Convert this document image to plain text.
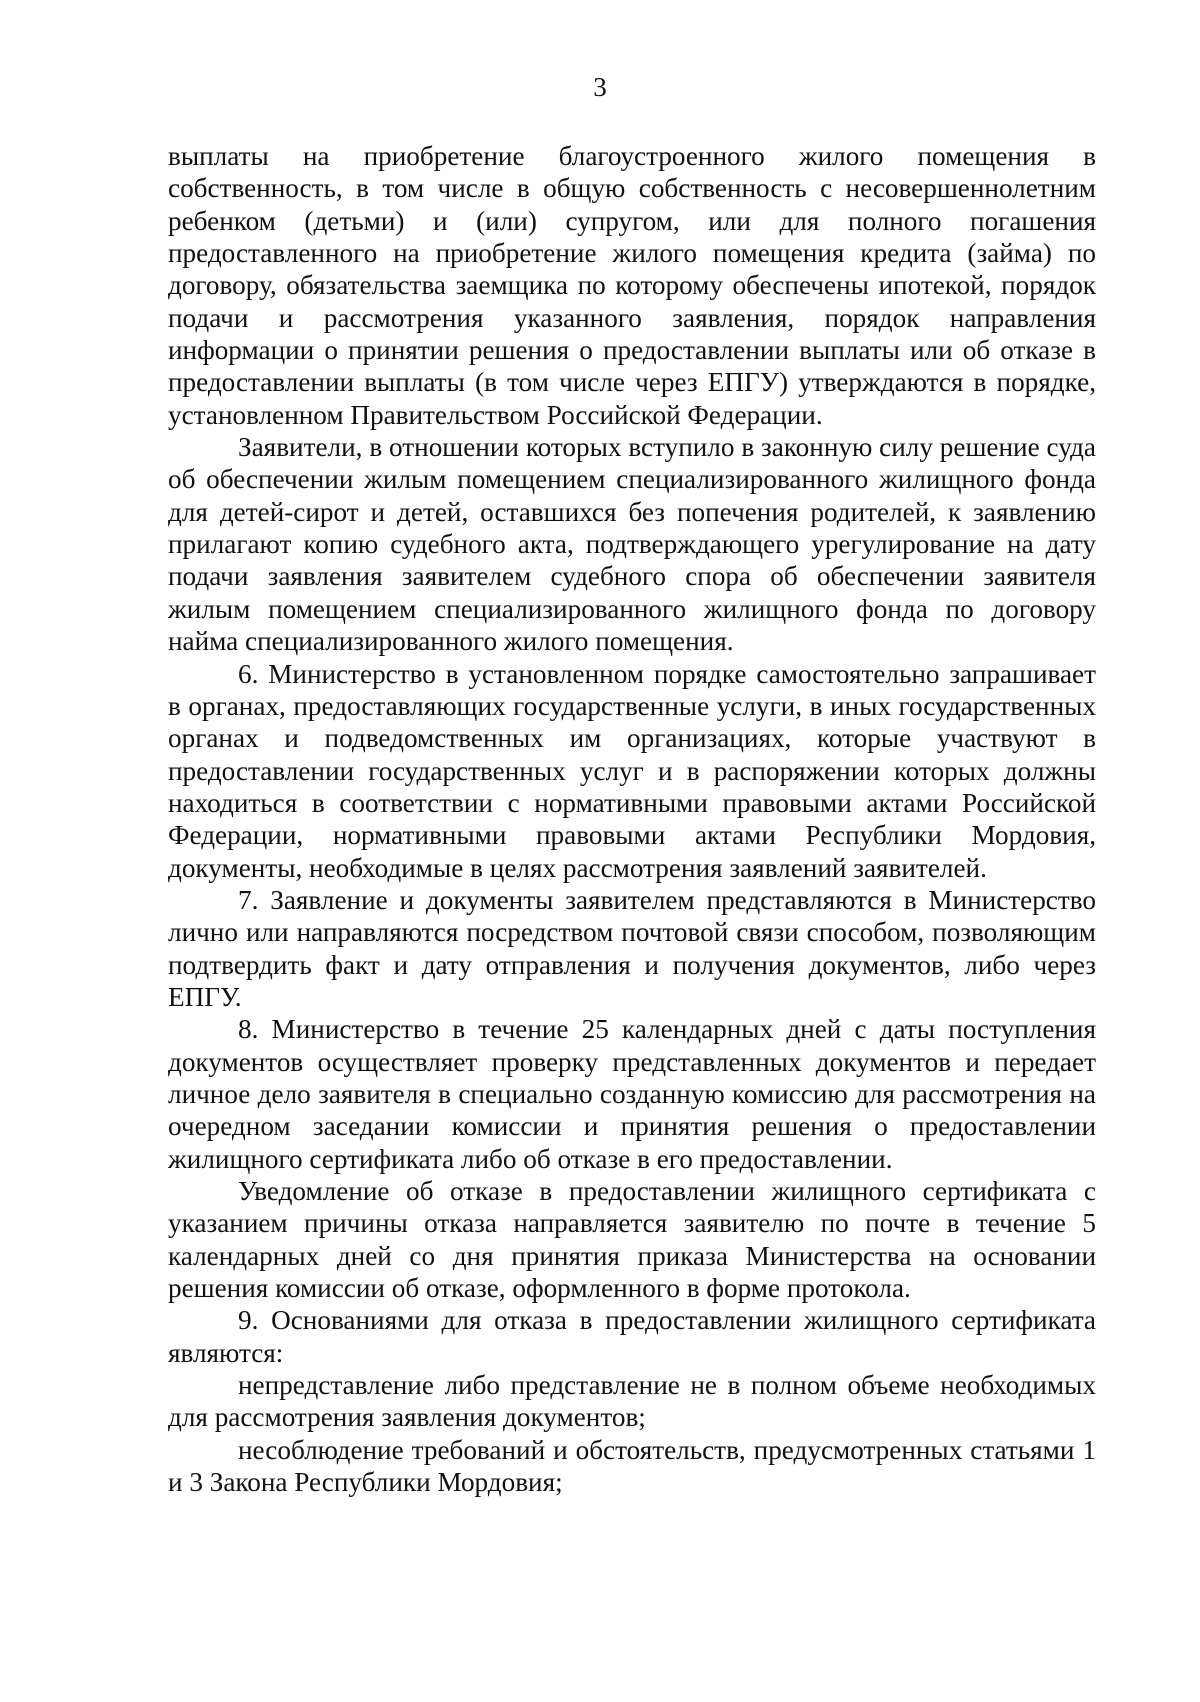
3

выплаты на приобретение благоустроенного жилого помещения в собственность, в том числе в общую собственность с несовершеннолетним ребенком (детьми) и (или) супругом, или для полного погашения предоставленного на приобретение жилого помещения кредита (займа) по договору, обязательства заемщика по которому обеспечены ипотекой, порядок подачи и рассмотрения указанного заявления, порядок направления информации о принятии решения о предоставлении выплаты или об отказе в предоставлении выплаты (в том числе через ЕПГУ) утверждаются в порядке, установленном Правительством Российской Федерации.

Заявители, в отношении которых вступило в законную силу решение суда об обеспечении жилым помещением специализированного жилищного фонда для детей-сирот и детей, оставшихся без попечения родителей, к заявлению прилагают копию судебного акта, подтверждающего урегулирование на дату подачи заявления заявителем судебного спора об обеспечении заявителя жилым помещением специализированного жилищного фонда по договору найма специализированного жилого помещения.

6. Министерство в установленном порядке самостоятельно запрашивает в органах, предоставляющих государственные услуги, в иных государственных органах и подведомственных им организациях, которые участвуют в предоставлении государственных услуг и в распоряжении которых должны находиться в соответствии с нормативными правовыми актами Российской Федерации, нормативными правовыми актами Республики Мордовия, документы, необходимые в целях рассмотрения заявлений заявителей.

7. Заявление и документы заявителем представляются в Министерство лично или направляются посредством почтовой связи способом, позволяющим подтвердить факт и дату отправления и получения документов, либо через ЕПГУ.

8. Министерство в течение 25 календарных дней с даты поступления документов осуществляет проверку представленных документов и передает личное дело заявителя в специально созданную комиссию для рассмотрения на очередном заседании комиссии и принятия решения о предоставлении жилищного сертификата либо об отказе в его предоставлении.

Уведомление об отказе в предоставлении жилищного сертификата с указанием причины отказа направляется заявителю по почте в течение 5 календарных дней со дня принятия приказа Министерства на основании решения комиссии об отказе, оформленного в форме протокола.

9. Основаниями для отказа в предоставлении жилищного сертификата являются:

непредставление либо представление не в полном объеме необходимых для рассмотрения заявления документов;

несоблюдение требований и обстоятельств, предусмотренных статьями 1 и 3 Закона Республики Мордовия;
